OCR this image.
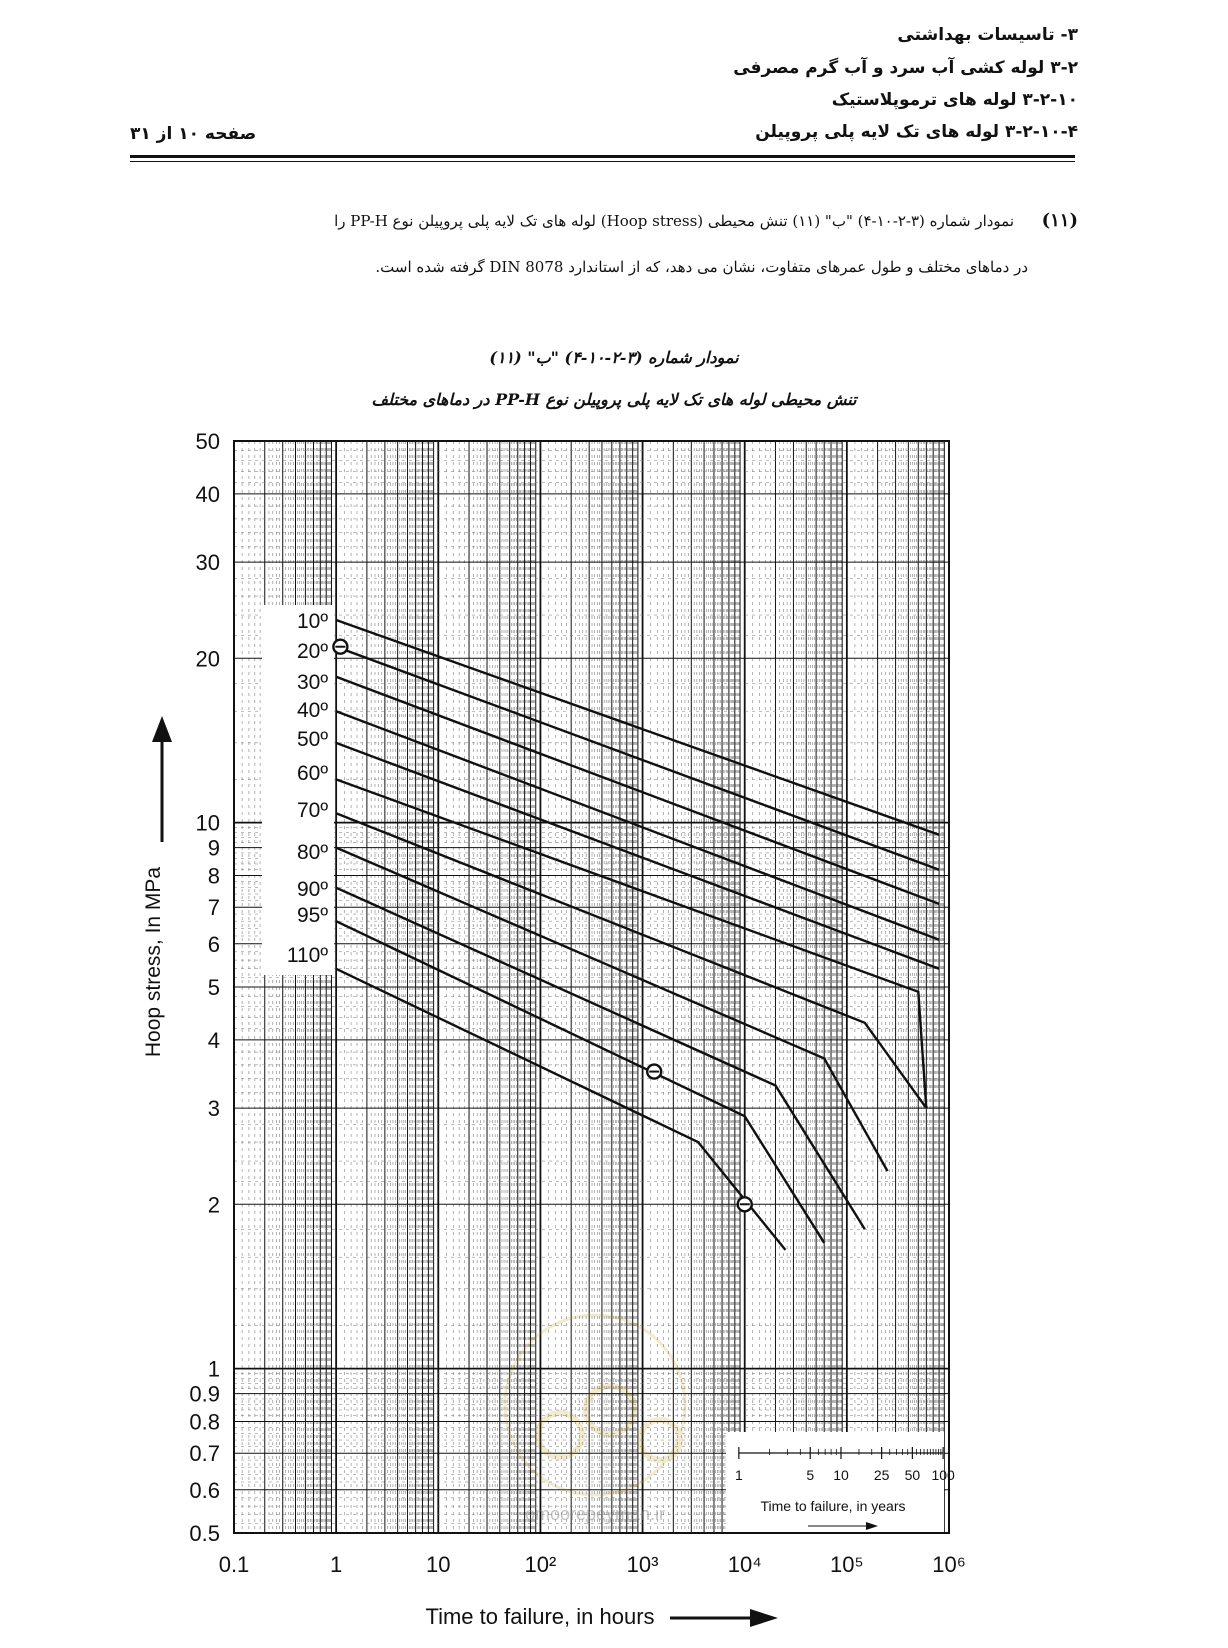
۳- تاسیسات بهداشتی
۳-۲ لوله کشی آب سرد و آب گرم مصرفی
۳-۲-۱۰ لوله های ترموپلاستیک
۳-۲-۱۰-۴ لوله های تک لایه پلی پروپیلن
صفحه ۱۰ از ۳۱
(۱۱)  نمودار شماره (۳-۲-۱۰-۴) "ب" (۱۱) تنش محیطی (Hoop stress) لوله های تک لایه پلی پروپیلن نوع PP-H را
در دماهای مختلف و طول عمرهای متفاوت، نشان می دهد، که از استاندارد DIN 8078 گرفته شده است.
نمودار شماره (۳-۲-۱۰-۴) "ب" (۱۱)
تنش محیطی لوله های تک لایه پلی پروپیلن نوع PP-H در دماهای مختلف
10º
20º
30º
40º
50º
60º
70º
80º
90º
95º
110º
50
40
30
20
10
9
8
7
6
5
4
3
2
1
0.9
0.8
0.7
0.6
0.5
0.1	1	10	10²	10³	10⁴	10⁵	10⁶
Hoop stress, In MPa
Time to failure, in hours
1	5 10 25 50 100
Time to failure, in years
omoorepeyman.ir
